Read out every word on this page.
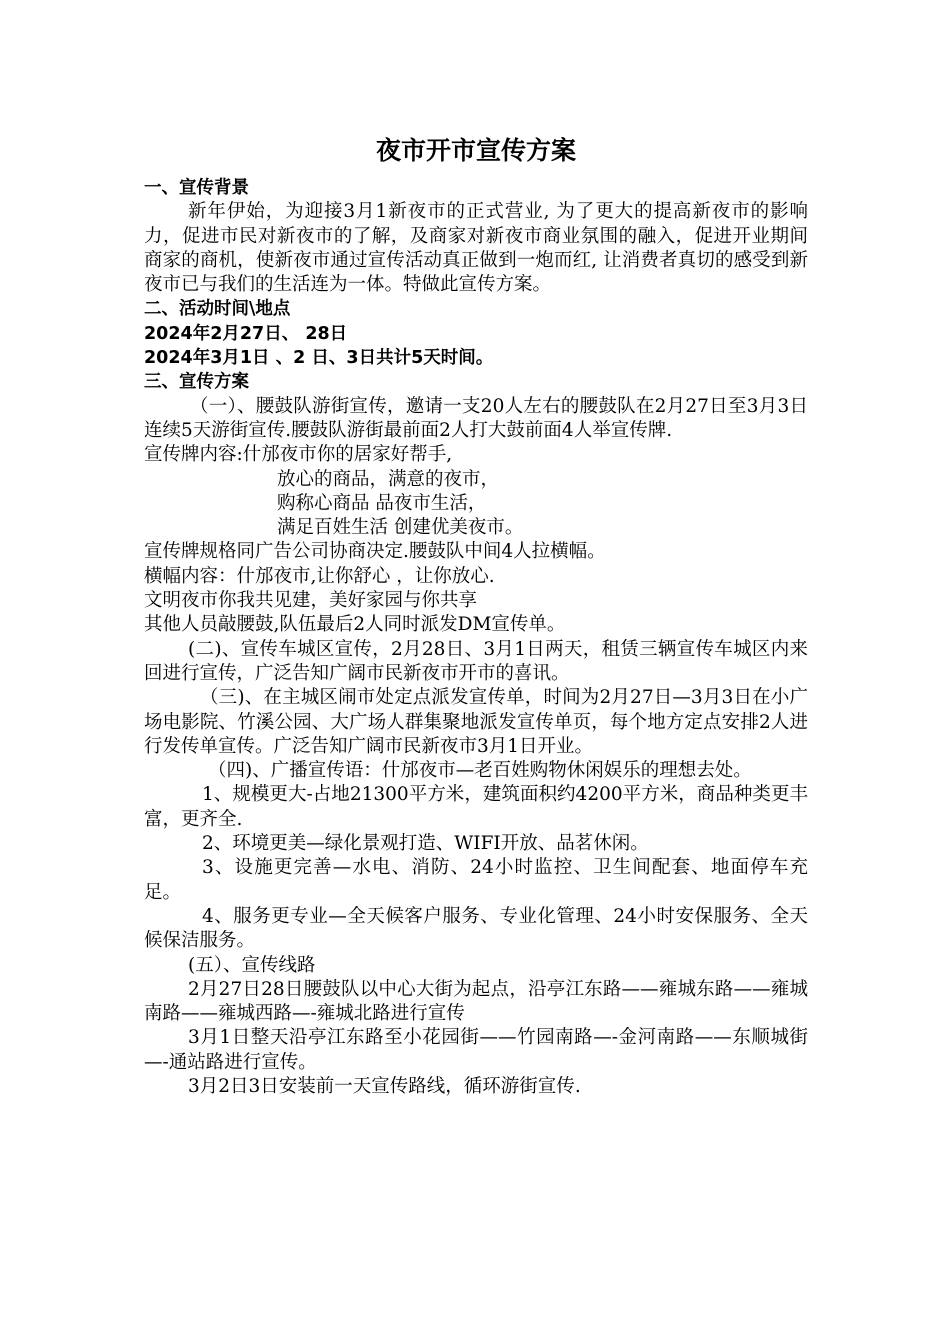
夜市开市宣传方案

一、宣传背景

新年伊始，为迎接3月1新夜市的正式营业, 为了更大的提高新夜市的影响力，促进市民对新夜市的了解，及商家对新夜市商业氛围的融入，促进开业期间商家的商机，使新夜市通过宣传活动真正做到一炮而红, 让消费者真切的感受到新夜市已与我们的生活连为一体。特做此宣传方案。

二、活动时间\地点

2024年2月27日、 28日

2024年3月1日 、2 日、3日共计5天时间。

三、宣传方案

（一）、腰鼓队游街宣传，邀请一支20人左右的腰鼓队在2月27日至3月3日连续5天游街宣传.腰鼓队游街最前面2人打大鼓前面4人举宣传牌.

宣传牌内容:什邡夜市你的居家好帮手,

放心的商品，满意的夜市，

购称心商品 品夜市生活，

满足百姓生活 创建优美夜市。

宣传牌规格同广告公司协商决定.腰鼓队中间4人拉横幅。

横幅内容：什邡夜市,让你舒心 ，让你放心.

文明夜市你我共见建，美好家园与你共享

其他人员敲腰鼓,队伍最后2人同时派发DM宣传单。

(二)、宣传车城区宣传，2月28日、3月1日两天，租赁三辆宣传车城区内来回进行宣传，广泛告知广阔市民新夜市开市的喜讯。

（三)、在主城区闹市处定点派发宣传单，时间为2月27日—3月3日在小广场电影院、竹溪公园、大广场人群集聚地派发宣传单页，每个地方定点安排2人进行发传单宣传。广泛告知广阔市民新夜市3月1日开业。

（四)、广播宣传语：什邡夜市—老百姓购物休闲娱乐的理想去处。

1、规模更大-占地21300平方米，建筑面积约4200平方米，商品种类更丰富，更齐全.

2、环境更美—绿化景观打造、WIFI开放、品茗休闲。

3、设施更完善—水电、消防、24小时监控、卫生间配套、地面停车充足。

4、服务更专业—全天候客户服务、专业化管理、24小时安保服务、全天候保洁服务。

(五）、宣传线路

2月27日28日腰鼓队以中心大街为起点，沿亭江东路——雍城东路——雍城南路——雍城西路—-雍城北路进行宣传

3月1日整天沿亭江东路至小花园街——竹园南路—-金河南路——东顺城街—-通站路进行宣传。

3月2日3日安装前一天宣传路线，循环游街宣传.
